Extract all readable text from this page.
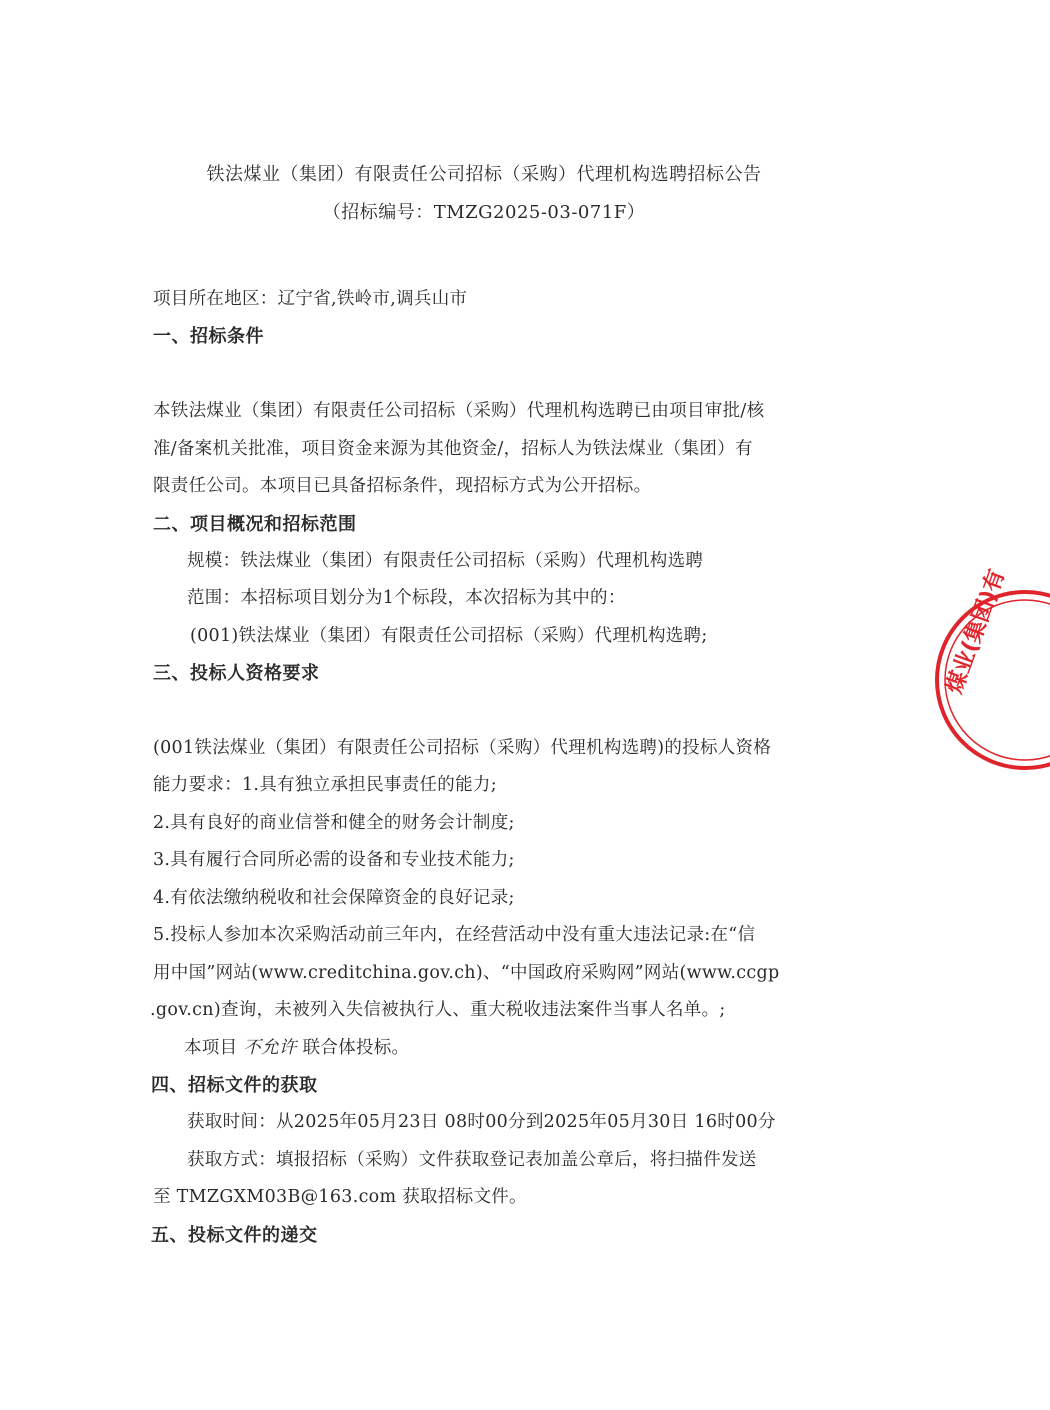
铁法煤业（集团）有限责任公司招标（采购）代理机构选聘招标公告
（招标编号：TMZG2025-03-071F）
项目所在地区：辽宁省,铁岭市,调兵山市
一、招标条件
本铁法煤业（集团）有限责任公司招标（采购）代理机构选聘已由项目审批/核
准/备案机关批准，项目资金来源为其他资金/，招标人为铁法煤业（集团）有
限责任公司。本项目已具备招标条件，现招标方式为公开招标。
二、项目概况和招标范围
规模：铁法煤业（集团）有限责任公司招标（采购）代理机构选聘
范围：本招标项目划分为1个标段，本次招标为其中的：
(001)铁法煤业（集团）有限责任公司招标（采购）代理机构选聘;
三、投标人资格要求
(001铁法煤业（集团）有限责任公司招标（采购）代理机构选聘)的投标人资格
能力要求：1.具有独立承担民事责任的能力;
2.具有良好的商业信誉和健全的财务会计制度;
3.具有履行合同所必需的设备和专业技术能力;
4.有依法缴纳税收和社会保障资金的良好记录;
5.投标人参加本次采购活动前三年内，在经营活动中没有重大违法记录:在“信
用中国”网站(www.creditchina.gov.ch)、“中国政府采购网”网站(www.ccgp
.gov.cn)查询，未被列入失信被执行人、重大税收违法案件当事人名单。;
本项目 不允许 联合体投标。
四、招标文件的获取
获取时间：从2025年05月23日 08时00分到2025年05月30日 16时00分
获取方式：填报招标（采购）文件获取登记表加盖公章后，将扫描件发送
至 TMZGXM03B@163.com 获取招标文件。
五、投标文件的递交
煤业(集团)有
